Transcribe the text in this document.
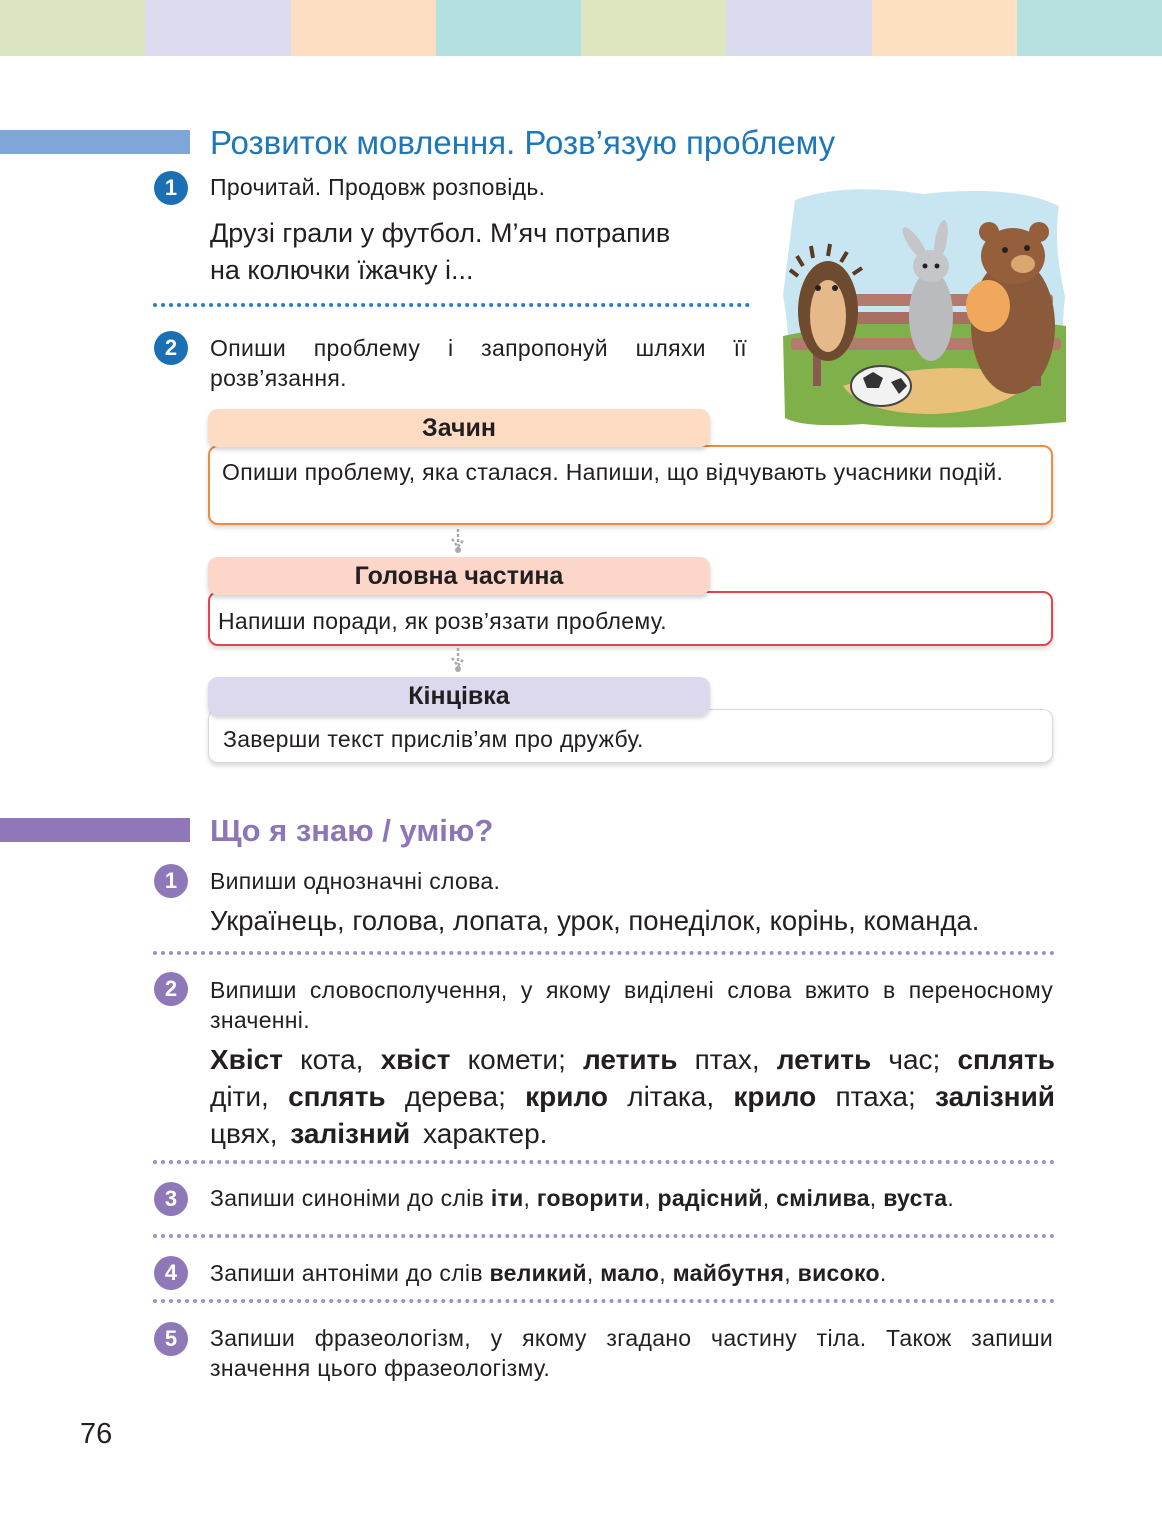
Розвиток мовлення. Розв’язую проблему
1	Прочитай. Продовж розповідь.
Друзі грали у футбол. М’яч потрапив
на колючки їжачку і...
2	Опиши проблему і запропонуй шляхи її розв’язання.
Зачин
Опиши проблему, яка сталася. Напиши, що відчувають учасники подій.
Головна частина
Напиши поради, як розв’язати проблему.
Кінцівка
Заверши текст прислів’ям про дружбу.
Що я знаю / умію?
1	Випиши однозначні слова.
Українець, голова, лопата, урок, понеділок, корінь, команда.
2	Випиши словосполучення, у якому виділені слова вжито в переносному значенні.
Хвіст кота, хвіст комети; летить птах, летить час; сплять діти, сплять дерева; крило літака, крило птаха; залізний цвях, залізний характер.
3	Запиши синоніми до слів іти, говорити, радісний, смілива, вуста.
4	Запиши антоніми до слів великий, мало, майбутня, високо.
5	Запиши фразеологізм, у якому згадано частину тіла. Також запиши значення цього фразеологізму.
76
